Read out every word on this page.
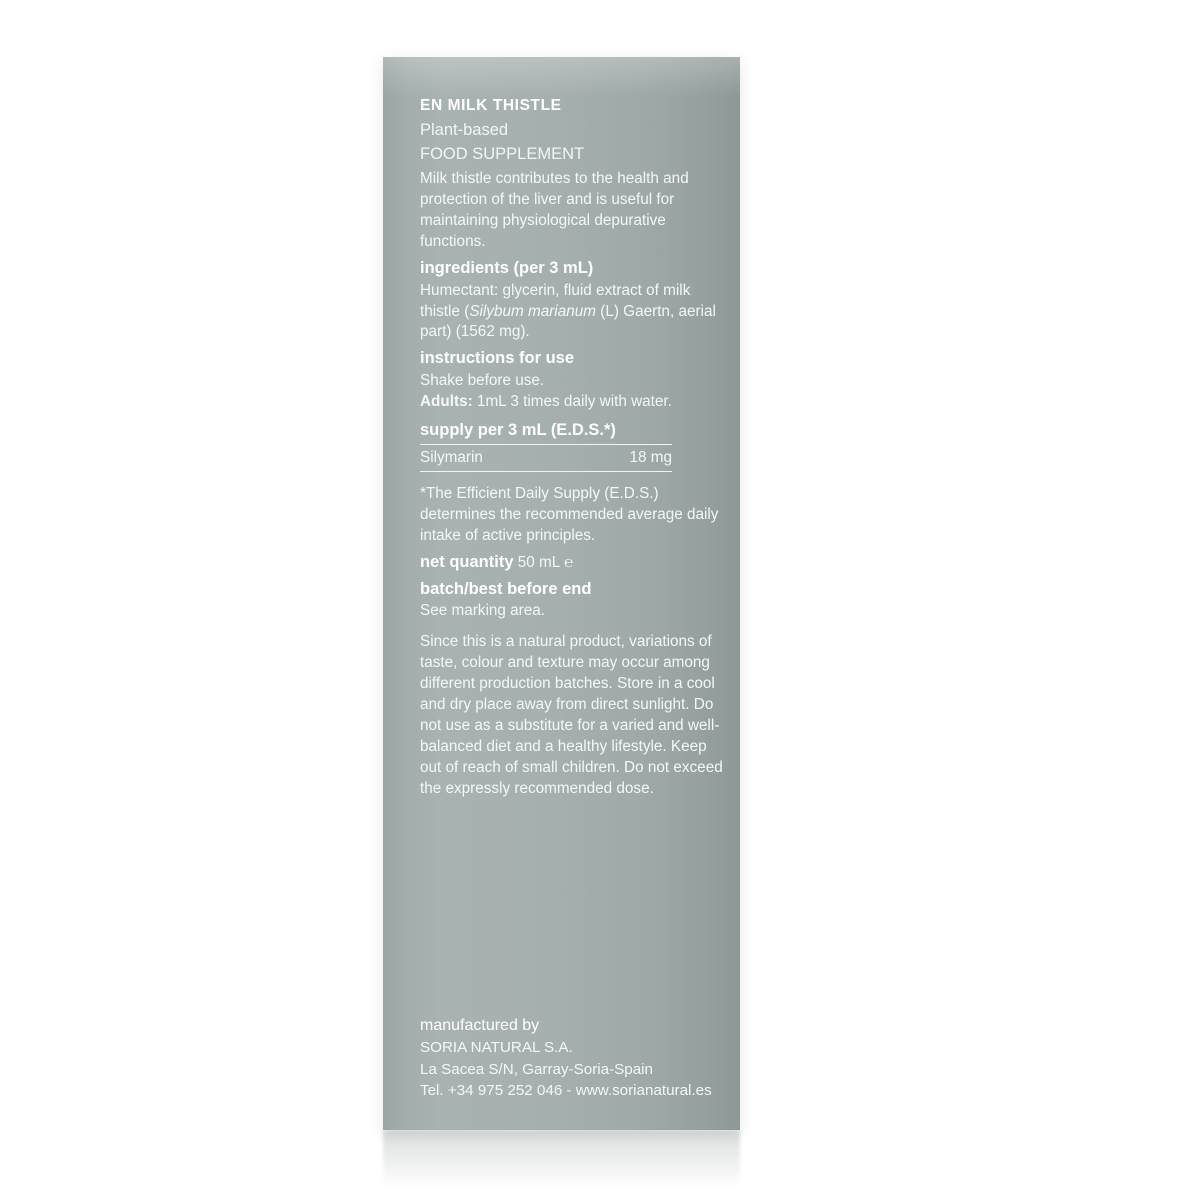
EN MILK THISTLE

Plant-based

FOOD SUPPLEMENT

Milk thistle contributes to the health and protection of the liver and is useful for maintaining physiological depurative functions.

ingredients (per 3 mL)

Humectant: glycerin, fluid extract of milk thistle (Silybum marianum (L) Gaertn, aerial part) (1562 mg).

instructions for use

Shake before use.

Adults: 1mL 3 times daily with water.

supply per 3 mL (E.D.S.*)
Silymarin	18 mg

*The Efficient Daily Supply (E.D.S.) determines the recommended average daily intake of active principles.

net quantity 50 mL ℮

batch/best before end

See marking area.

Since this is a natural product, variations of taste, colour and texture may occur among different production batches. Store in a cool and dry place away from direct sunlight. Do not use as a substitute for a varied and well-balanced diet and a healthy lifestyle. Keep out of reach of small children. Do not exceed the expressly recommended dose.

manufactured by
SORIA NATURAL S.A.
La Sacea S/N, Garray-Soria-Spain
Tel. +34 975 252 046 - www.sorianatural.es
